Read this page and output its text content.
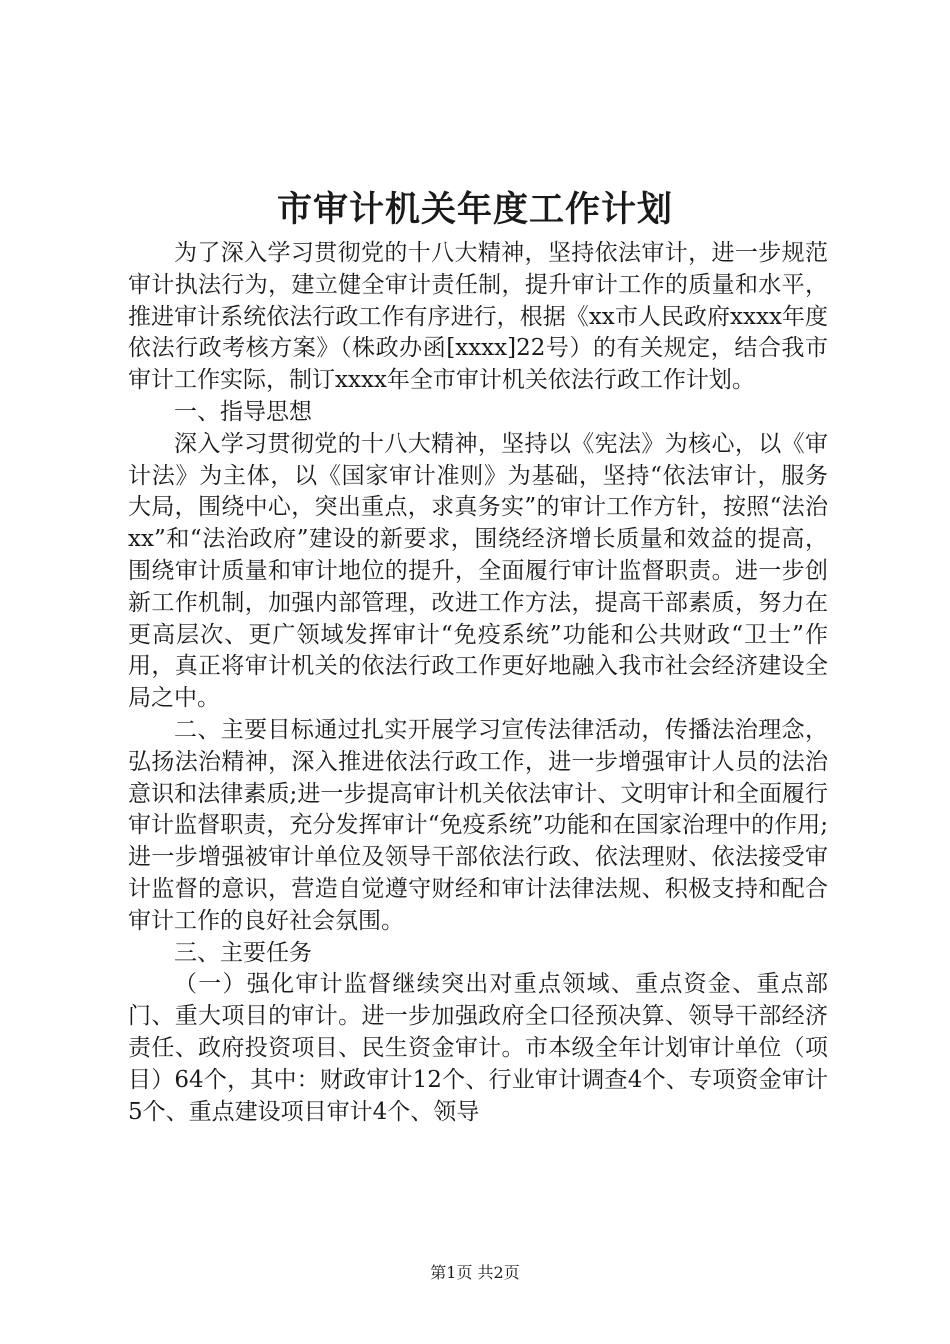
市审计机关年度工作计划

为了深入学习贯彻党的十八大精神，坚持依法审计，进一步规范审计执法行为，建立健全审计责任制，提升审计工作的质量和水平，推进审计系统依法行政工作有序进行，根据《xx市人民政府xxxx年度依法行政考核方案》（株政办函[xxxx]22号）的有关规定，结合我市审计工作实际，制订xxxx年全市审计机关依法行政工作计划。

一、指导思想

深入学习贯彻党的十八大精神，坚持以《宪法》为核心，以《审计法》为主体，以《国家审计准则》为基础，坚持“依法审计，服务大局，围绕中心，突出重点，求真务实”的审计工作方针，按照“法治xx”和“法治政府”建设的新要求，围绕经济增长质量和效益的提高，围绕审计质量和审计地位的提升，全面履行审计监督职责。进一步创新工作机制，加强内部管理，改进工作方法，提高干部素质，努力在更高层次、更广领域发挥审计“免疫系统”功能和公共财政“卫士”作用，真正将审计机关的依法行政工作更好地融入我市社会经济建设全局之中。

二、主要目标通过扎实开展学习宣传法律活动，传播法治理念，弘扬法治精神，深入推进依法行政工作，进一步增强审计人员的法治意识和法律素质;进一步提高审计机关依法审计、文明审计和全面履行审计监督职责，充分发挥审计“免疫系统”功能和在国家治理中的作用;进一步增强被审计单位及领导干部依法行政、依法理财、依法接受审计监督的意识，营造自觉遵守财经和审计法律法规、积极支持和配合审计工作的良好社会氛围。

三、主要任务

（一）强化审计监督继续突出对重点领域、重点资金、重点部门、重大项目的审计。进一步加强政府全口径预决算、领导干部经济责任、政府投资项目、民生资金审计。市本级全年计划审计单位（项目）64个，其中：财政审计12个、行业审计调查4个、专项资金审计5个、重点建设项目审计4个、领导

第1页 共2页
